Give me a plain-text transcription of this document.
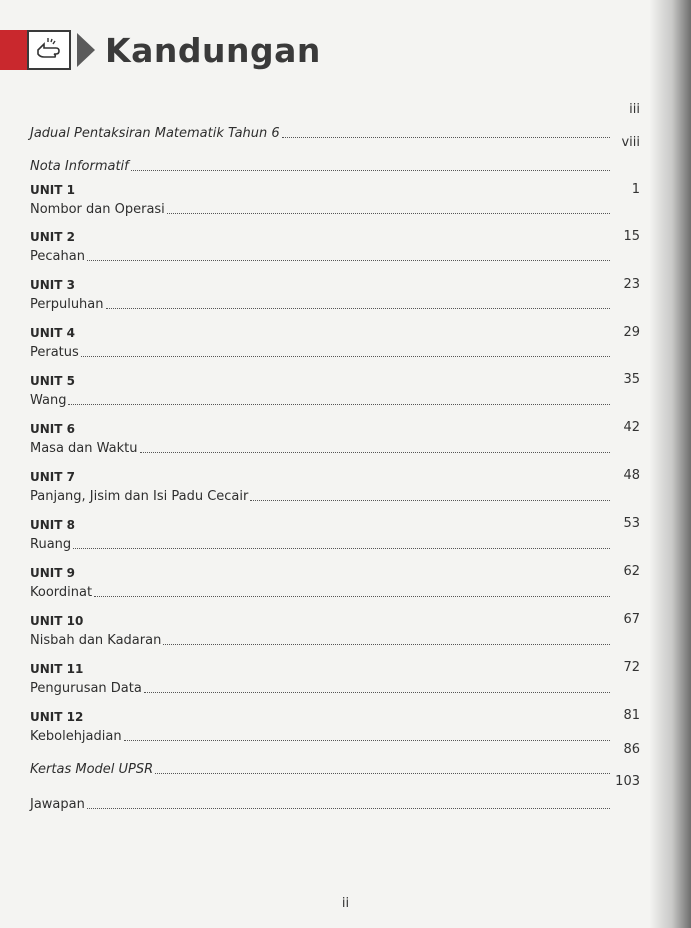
Kandungan
Jadual Pentaksiran Matematik Tahun 6
iii
Nota Informatif
viii
UNIT 1
Nombor dan Operasi
1
UNIT 2
Pecahan
15
UNIT 3
Perpuluhan
23
UNIT 4
Peratus
29
UNIT 5
Wang
35
UNIT 6
Masa dan Waktu
42
UNIT 7
Panjang, Jisim dan Isi Padu Cecair
48
UNIT 8
Ruang
53
UNIT 9
Koordinat
62
UNIT 10
Nisbah dan Kadaran
67
UNIT 11
Pengurusan Data
72
UNIT 12
Kebolehjadian
81
Kertas Model UPSR
86
Jawapan
103
ii
